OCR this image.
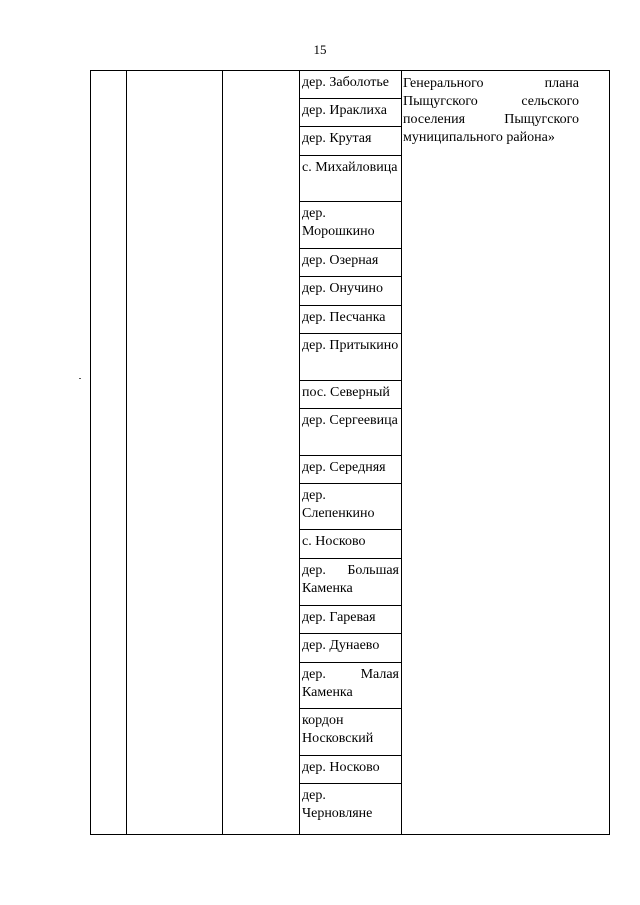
15
дер. Заболотье
дер. Ираклиха
дер. Крутая
с. Михайловица
дер. Морошкино
дер. Озерная
дер. Онучино
дер. Песчанка
дер. Притыкино
пос. Северный
дер. Сергеевица
дер. Середняя
дер. Слепенкино
с. Носково
дер. Большая Каменка
дер. Гаревая
дер. Дунаево
дер. Малая Каменка
кордон Носковский
дер. Носково
дер. Черновляне
Генерального плана
Пыщугского сельского
поселения Пыщугского
муниципального района»
